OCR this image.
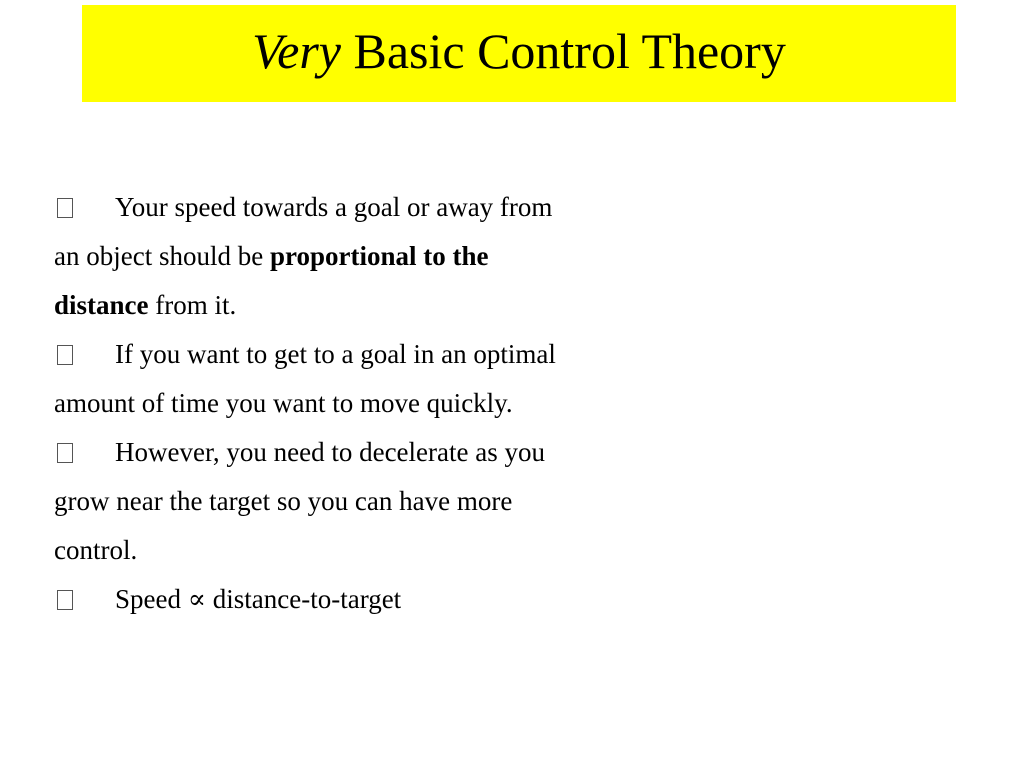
Very Basic Control Theory
Your speed towards a goal or away from
an object should be proportional to the
distance from it.
If you want to get to a goal in an optimal
amount of time you want to move quickly.
However, you need to decelerate as you
grow near the target so you can have more
control.
Speed ∝ distance-to-target
